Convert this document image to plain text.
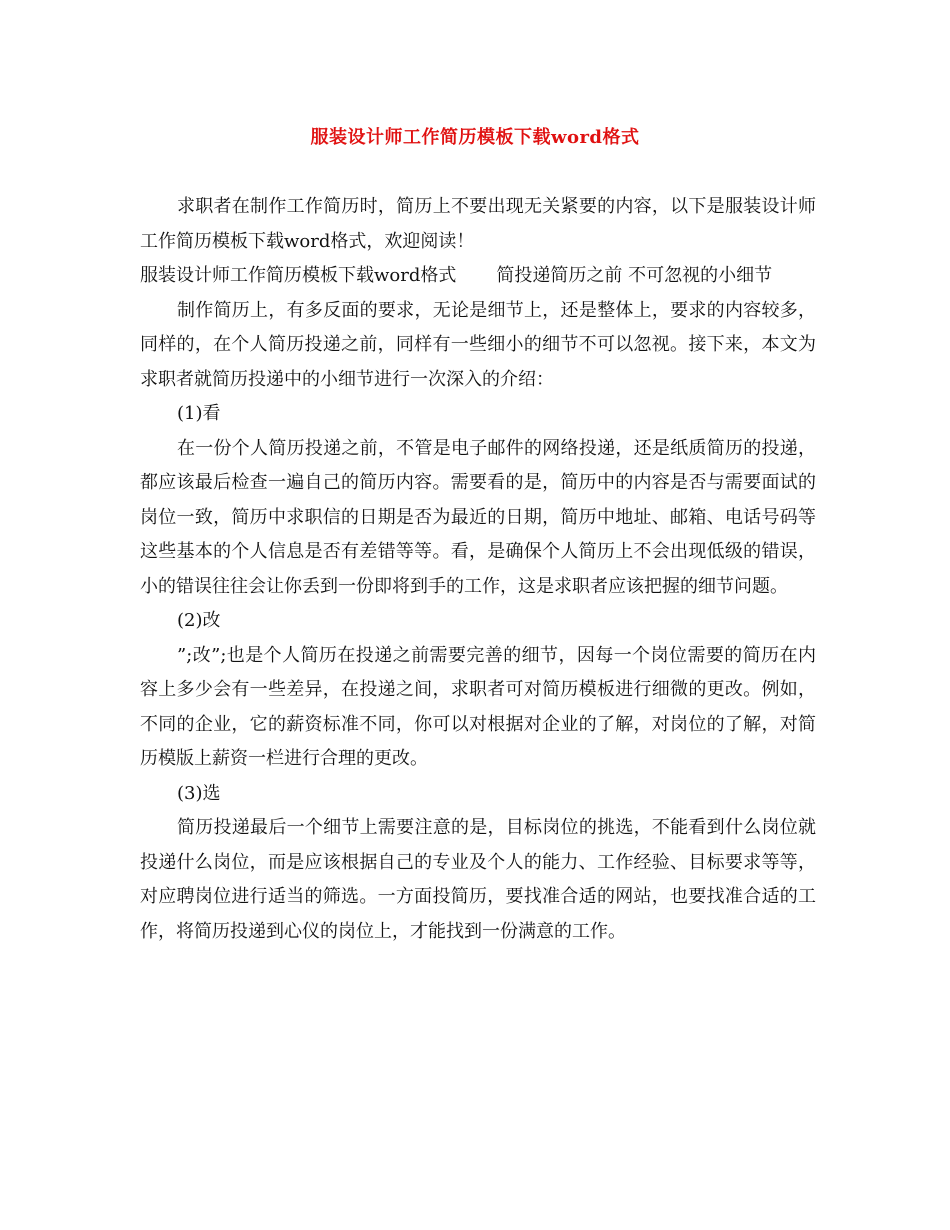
服装设计师工作简历模板下载word格式

求职者在制作工作简历时，简历上不要出现无关紧要的内容，以下是服装设计师工作简历模板下载word格式，欢迎阅读！

服装设计师工作简历模板下载word格式       简投递简历之前 不可忽视的小细节

制作简历上，有多反面的要求，无论是细节上，还是整体上，要求的内容较多，同样的，在个人简历投递之前，同样有一些细小的细节不可以忽视。接下来，本文为求职者就简历投递中的小细节进行一次深入的介绍：

(1)看

在一份个人简历投递之前，不管是电子邮件的网络投递，还是纸质简历的投递，都应该最后检查一遍自己的简历内容。需要看的是，简历中的内容是否与需要面试的岗位一致，简历中求职信的日期是否为最近的日期，简历中地址、邮箱、电话号码等这些基本的个人信息是否有差错等等。看，是确保个人简历上不会出现低级的错误，小的错误往往会让你丢到一份即将到手的工作，这是求职者应该把握的细节问题。

(2)改

”;改”;也是个人简历在投递之前需要完善的细节，因每一个岗位需要的简历在内容上多少会有一些差异，在投递之间，求职者可对简历模板进行细微的更改。例如，不同的企业，它的薪资标准不同，你可以对根据对企业的了解，对岗位的了解，对简历模版上薪资一栏进行合理的更改。

(3)选

简历投递最后一个细节上需要注意的是，目标岗位的挑选，不能看到什么岗位就投递什么岗位，而是应该根据自己的专业及个人的能力、工作经验、目标要求等等，对应聘岗位进行适当的筛选。一方面投简历，要找准合适的网站，也要找准合适的工作，将简历投递到心仪的岗位上，才能找到一份满意的工作。
